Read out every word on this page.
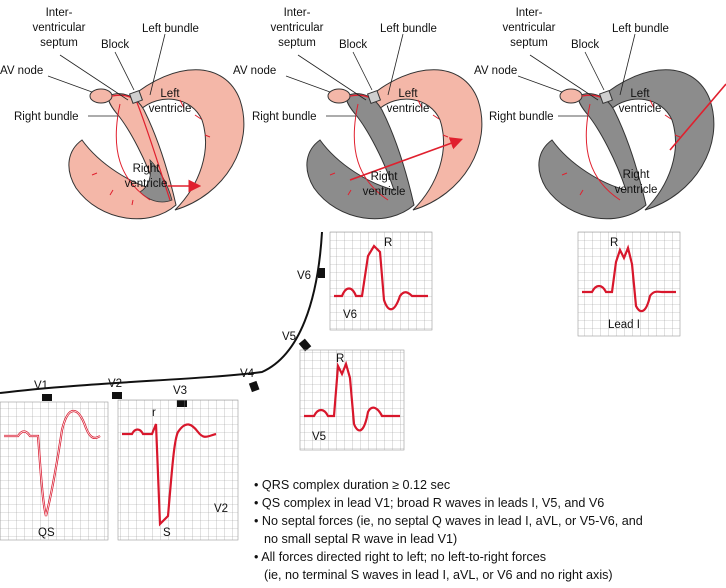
Inter-
ventricular
septum Block
Left bundle
AV node
Left
ventricle
Right bundle
Right
ventricle
Inter-
ventricular
septum Block
Left bundle
AV node
Left
ventricle
Right bundle
Right
ventricle
Inter-
ventricular
septum Block
Left bundle
AV node
Left
ventricle
Right bundle
Right
ventricle
V1	V2
V3
V4
V5
V6
QS
r
S
V2
R
V5
R
V6
R
Lead I
• QRS complex duration ≥ 0.12 sec
• QS complex in lead V1; broad R waves in leads I, V5, and V6
• No septal forces (ie, no septal Q waves in lead I, aVL, or V5-V6, and
no small septal R wave in lead V1)
• All forces directed right to left; no left-to-right forces
(ie, no terminal S waves in lead I, aVL, or V6 and no right axis)
